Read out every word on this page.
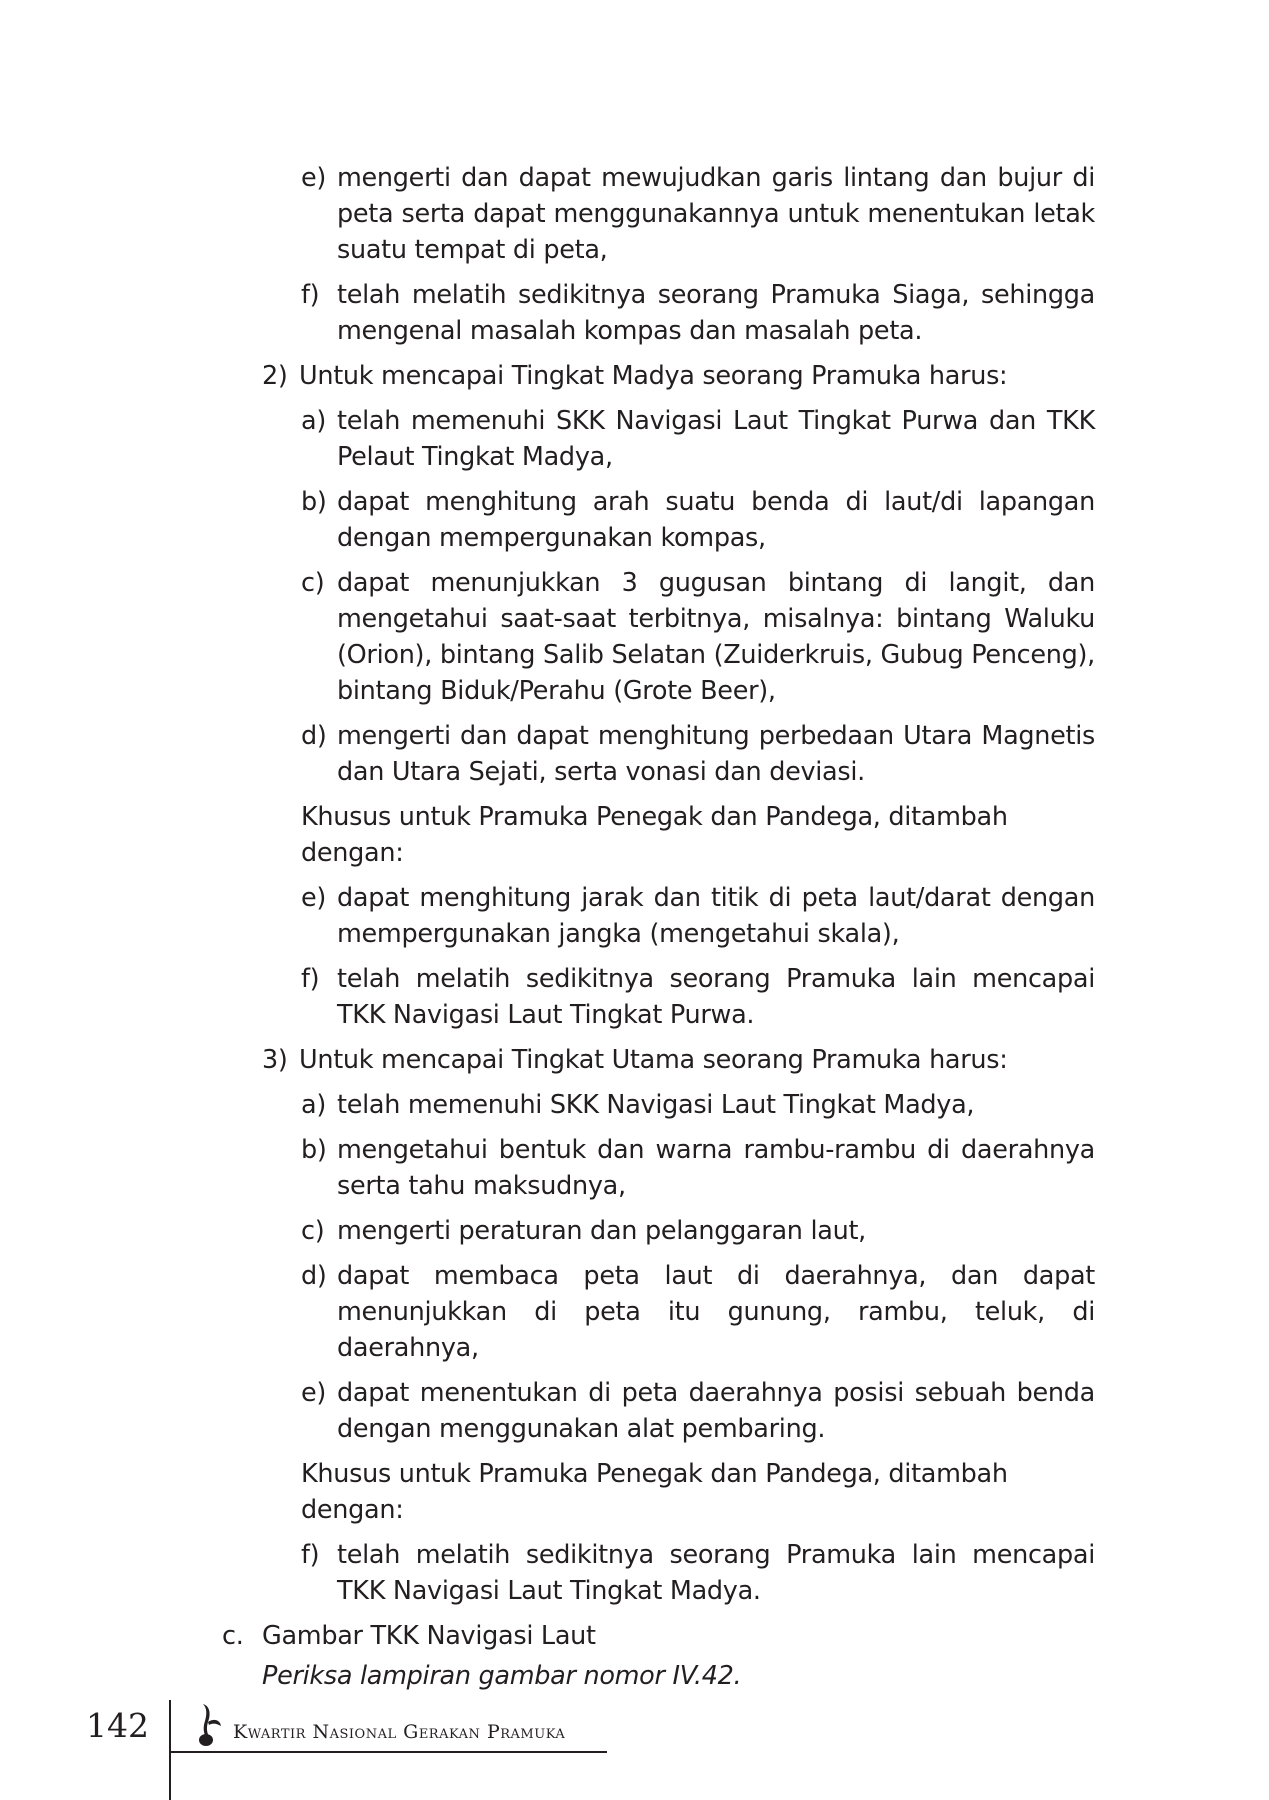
e) mengerti dan dapat mewujudkan garis lintang dan bujur di peta serta dapat menggunakannya untuk menentukan letak suatu tempat di peta,
f) telah melatih sedikitnya seorang Pramuka Siaga, sehingga mengenal masalah kompas dan masalah peta.
2) Untuk mencapai Tingkat Madya seorang Pramuka harus:
a) telah memenuhi SKK Navigasi Laut Tingkat Purwa dan TKK Pelaut Tingkat Madya,
b) dapat menghitung arah suatu benda di laut/di lapangan dengan mempergunakan kompas,
c) dapat menunjukkan 3 gugusan bintang di langit, dan mengetahui saat-saat terbitnya, misalnya: bintang Waluku (Orion), bintang Salib Selatan (Zuiderkruis, Gubug Penceng), bintang Biduk/Perahu (Grote Beer),
d) mengerti dan dapat menghitung perbedaan Utara Magnetis dan Utara Sejati, serta vonasi dan deviasi.
Khusus untuk Pramuka Penegak dan Pandega, ditambah dengan:
e) dapat menghitung jarak dan titik di peta laut/darat dengan mempergunakan jangka (mengetahui skala),
f) telah melatih sedikitnya seorang Pramuka lain mencapai TKK Navigasi Laut Tingkat Purwa.
3) Untuk mencapai Tingkat Utama seorang Pramuka harus:
a) telah memenuhi SKK Navigasi Laut Tingkat Madya,
b) mengetahui bentuk dan warna rambu-rambu di daerahnya serta tahu maksudnya,
c) mengerti peraturan dan pelanggaran laut,
d) dapat membaca peta laut di daerahnya, dan dapat menunjukkan di peta itu gunung, rambu, teluk, di daerahnya,
e) dapat menentukan di peta daerahnya posisi sebuah benda dengan menggunakan alat pembaring.
Khusus untuk Pramuka Penegak dan Pandega, ditambah dengan:
f) telah melatih sedikitnya seorang Pramuka lain mencapai TKK Navigasi Laut Tingkat Madya.
c. Gambar TKK Navigasi Laut
Periksa lampiran gambar nomor IV.42.
142	Kwartir Nasional Gerakan Pramuka
